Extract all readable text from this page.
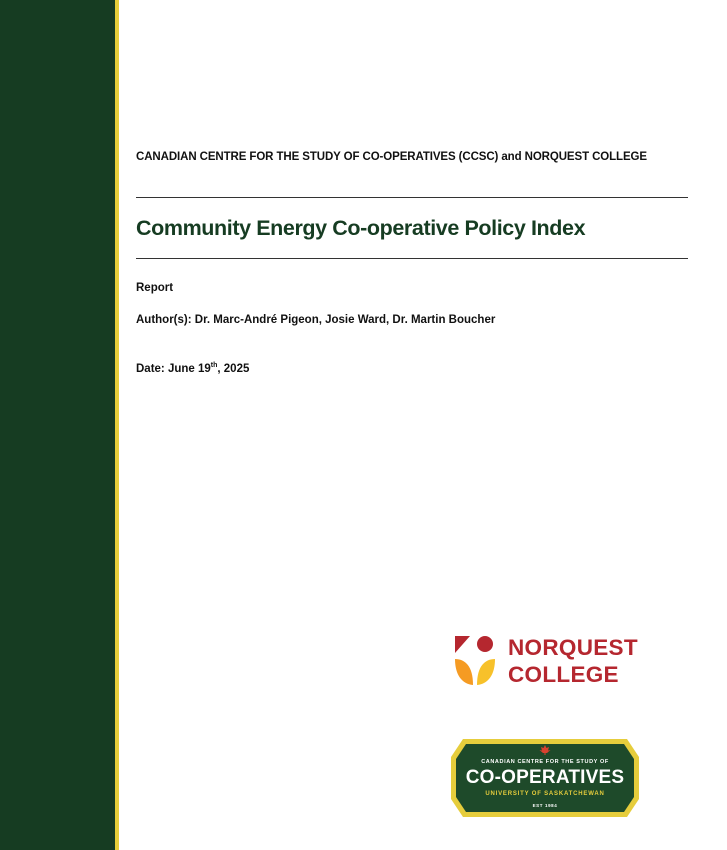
CANADIAN CENTRE FOR THE STUDY OF CO-OPERATIVES (CCSC) and NORQUEST COLLEGE
Community Energy Co-operative Policy Index
Report
Author(s): Dr. Marc-André Pigeon, Josie Ward, Dr. Martin Boucher
Date: June 19th, 2025
NORQUEST
COLLEGE
CANADIAN CENTRE FOR THE STUDY OF
CO-OPERATIVES
UNIVERSITY OF SASKATCHEWAN
EST 1984
